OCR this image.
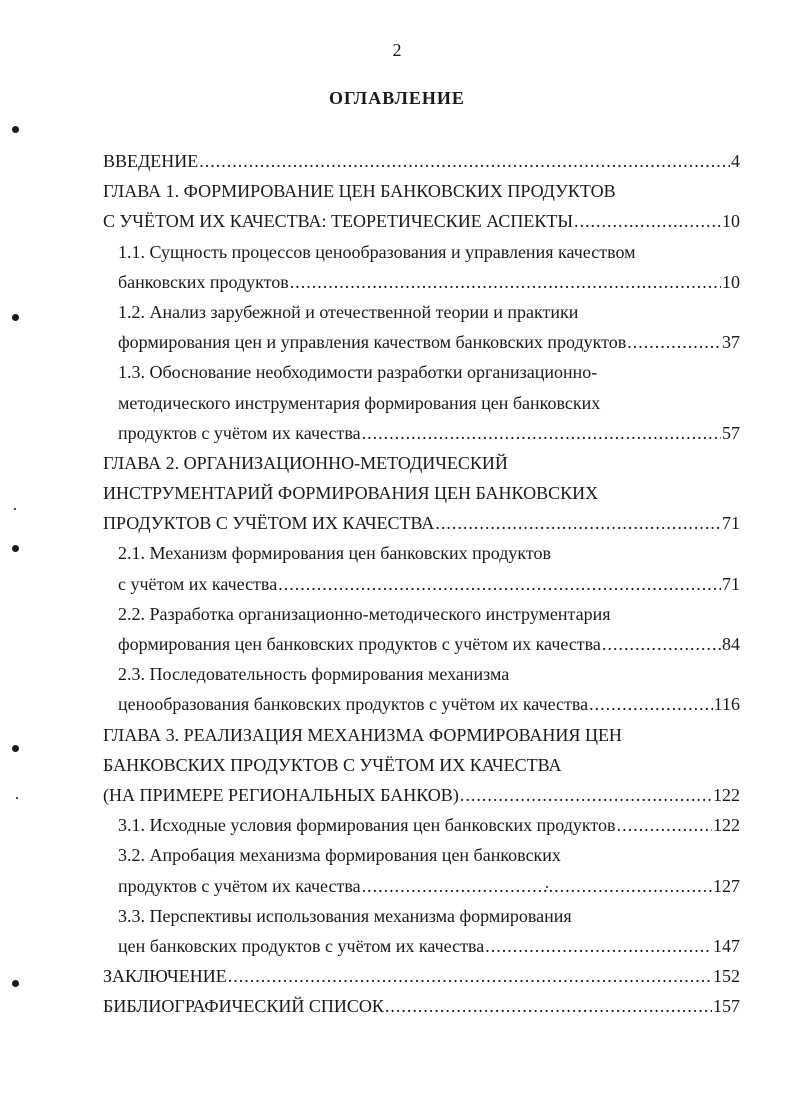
2
ОГЛАВЛЕНИЕ
ВВЕДЕНИЕ .....	4
ГЛАВА 1. ФОРМИРОВАНИЕ ЦЕН БАНКОВСКИХ ПРОДУКТОВ
С УЧЁТОМ ИХ КАЧЕСТВА: ТЕОРЕТИЧЕСКИЕ АСПЕКТЫ .....	10
1.1. Сущность процессов ценообразования и управления качеством
банковских продуктов .....	10
1.2. Анализ зарубежной и отечественной теории и практики
формирования цен и управления качеством банковских продуктов .....	37
1.3. Обоснование необходимости разработки организационно-
методического инструментария формирования цен банковских
продуктов с учётом их качества .....	57
ГЛАВА 2. ОРГАНИЗАЦИОННО-МЕТОДИЧЕСКИЙ
ИНСТРУМЕНТАРИЙ ФОРМИРОВАНИЯ ЦЕН БАНКОВСКИХ
ПРОДУКТОВ С УЧЁТОМ ИХ КАЧЕСТВА .....	71
2.1. Механизм формирования цен банковских продуктов
с учётом их качества .....	71
2.2. Разработка организационно-методического инструментария
формирования цен банковских продуктов с учётом их качества .....	84
2.3. Последовательность формирования механизма
ценообразования банковских продуктов с учётом их качества .....	116
ГЛАВА 3. РЕАЛИЗАЦИЯ МЕХАНИЗМА ФОРМИРОВАНИЯ ЦЕН
БАНКОВСКИХ ПРОДУКТОВ С УЧЁТОМ ИХ КАЧЕСТВА
(НА ПРИМЕРЕ РЕГИОНАЛЬНЫХ БАНКОВ) .....	122
3.1. Исходные условия формирования цен банковских продуктов .....	122
3.2. Апробация механизма формирования цен банковских
продуктов с учётом их качества .....	127
3.3. Перспективы использования механизма формирования
цен банковских продуктов с учётом их качества .....	147
ЗАКЛЮЧЕНИЕ .....	152
БИБЛИОГРАФИЧЕСКИЙ СПИСОК .....	157
